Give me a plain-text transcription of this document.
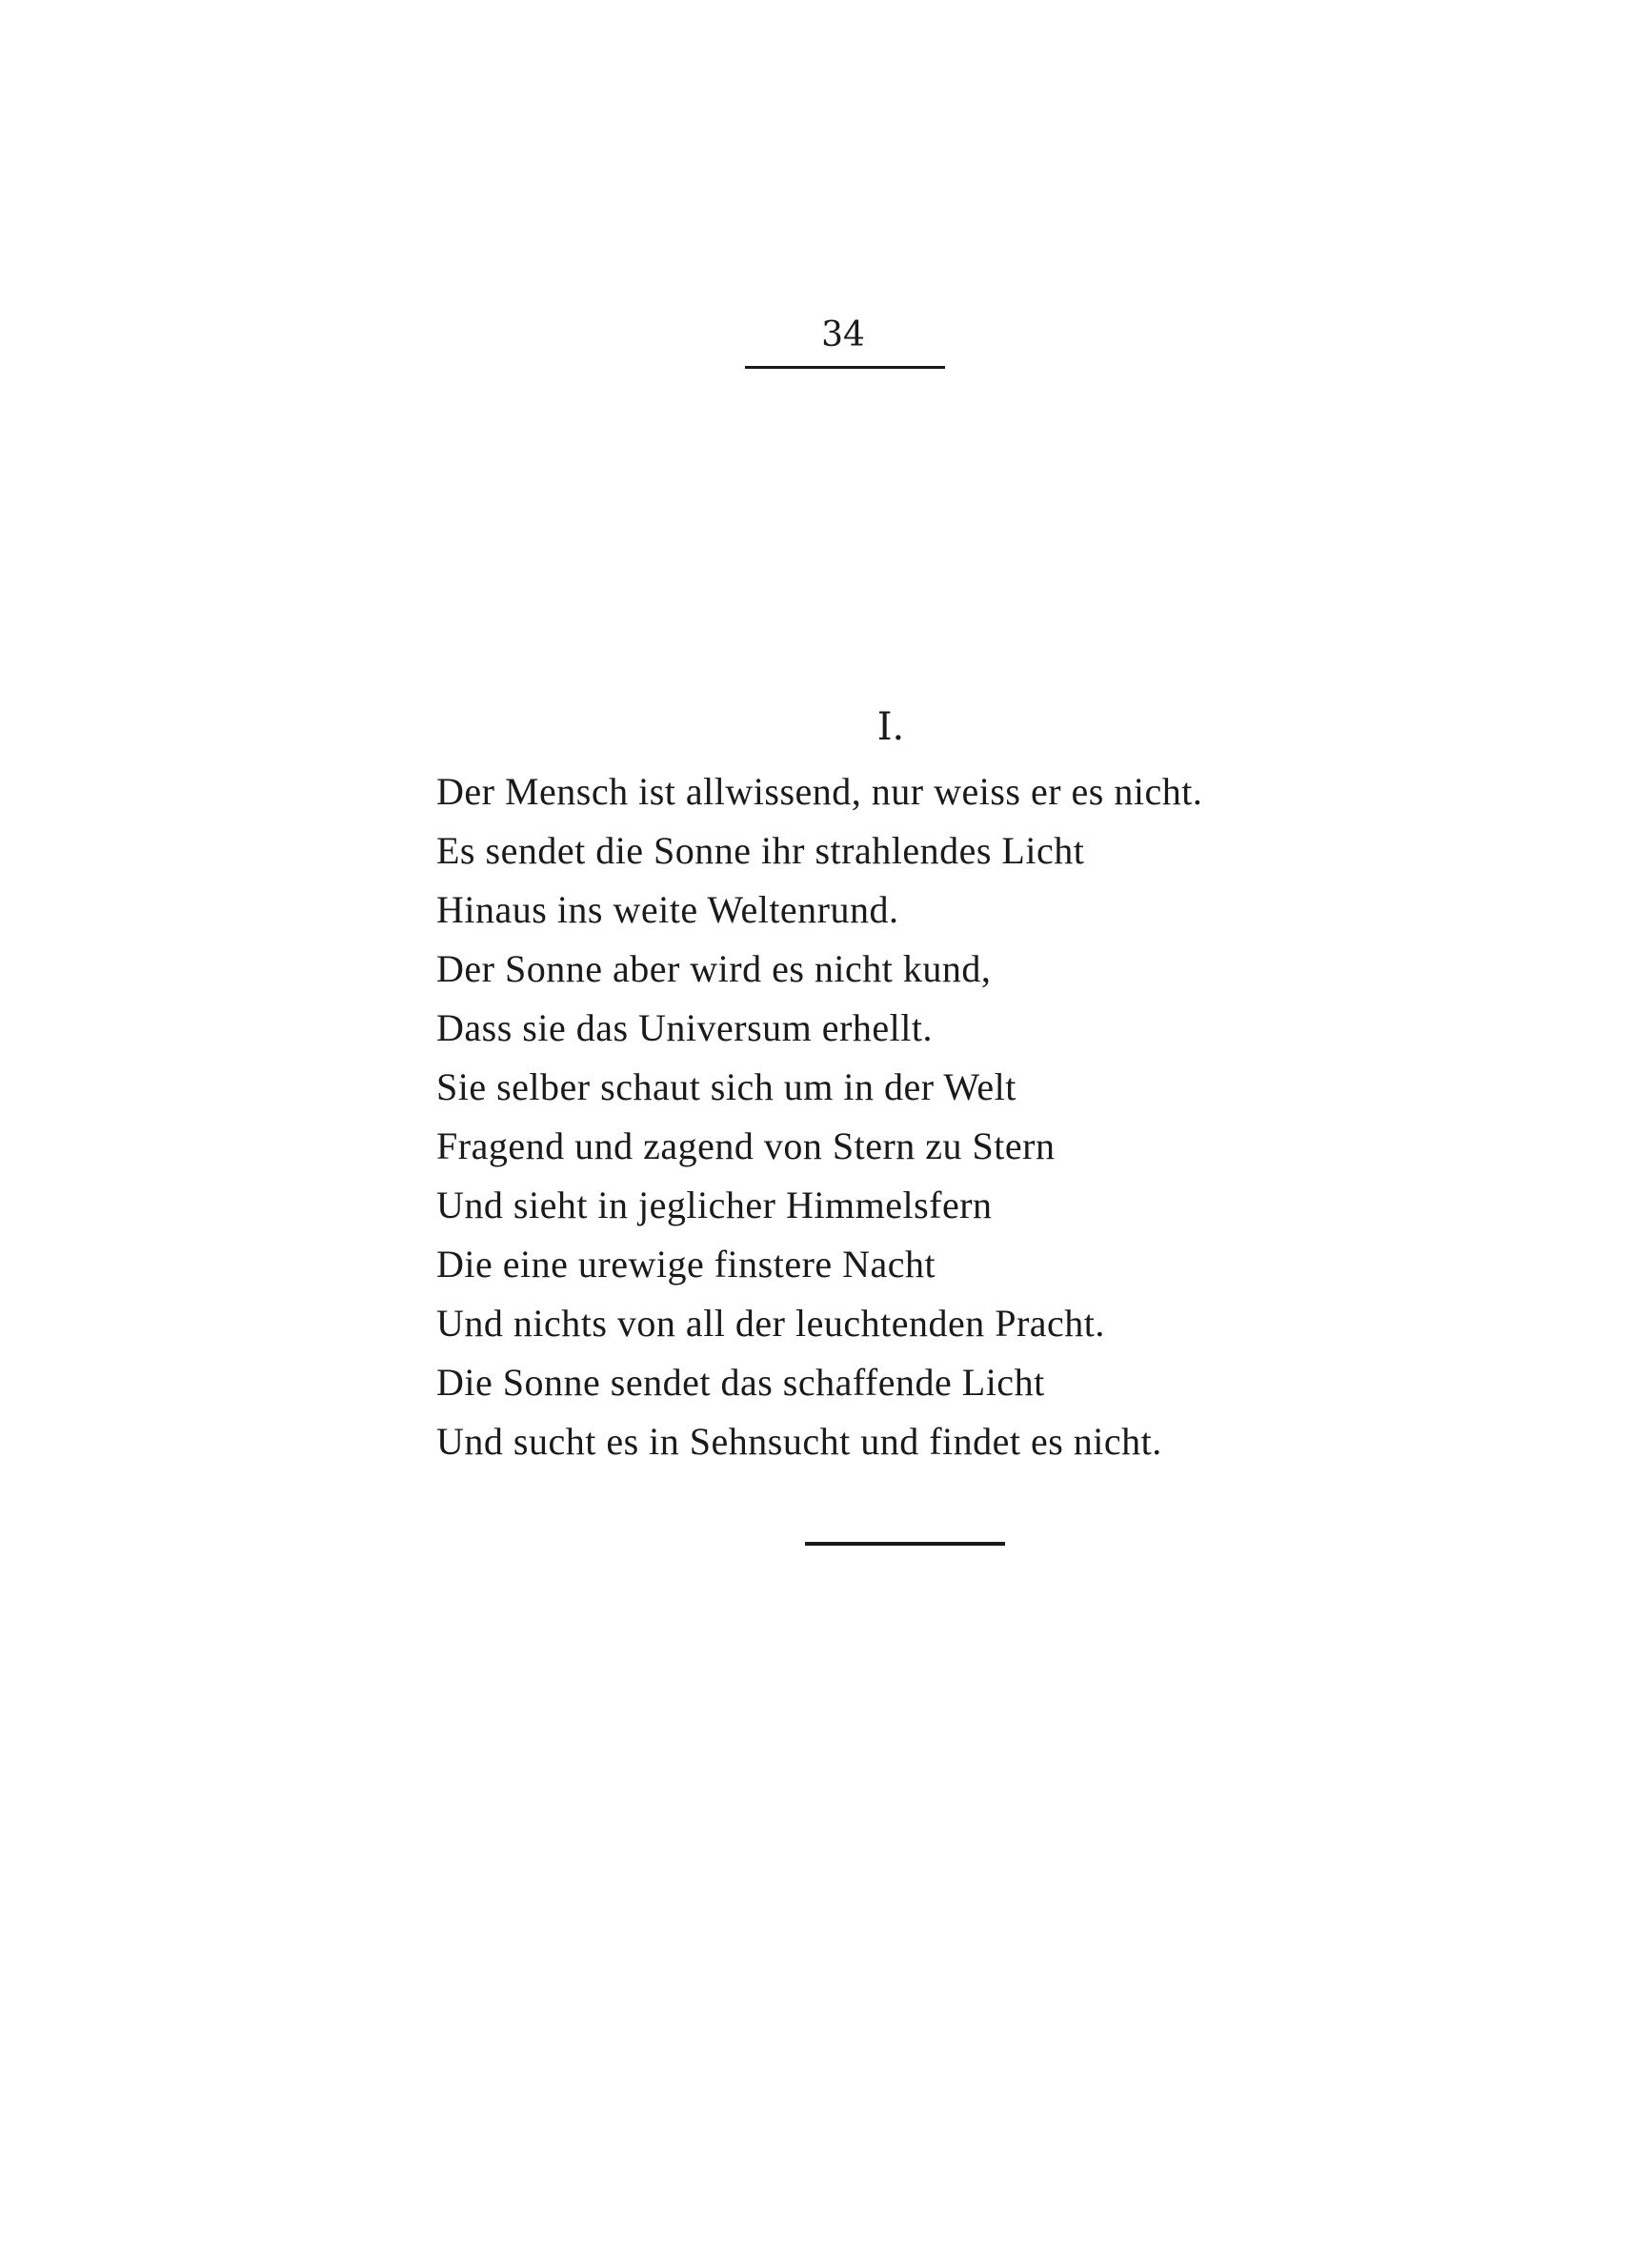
34
I.
Der Mensch ist allwissend, nur weiss er es nicht.
Es sendet die Sonne ihr strahlendes Licht
Hinaus ins weite Weltenrund.
Der Sonne aber wird es nicht kund,
Dass sie das Universum erhellt.
Sie selber schaut sich um in der Welt
Fragend und zagend von Stern zu Stern
Und sieht in jeglicher Himmelsfern
Die eine urewige finstere Nacht
Und nichts von all der leuchtenden Pracht.
Die Sonne sendet das schaffende Licht
Und sucht es in Sehnsucht und findet es nicht.
